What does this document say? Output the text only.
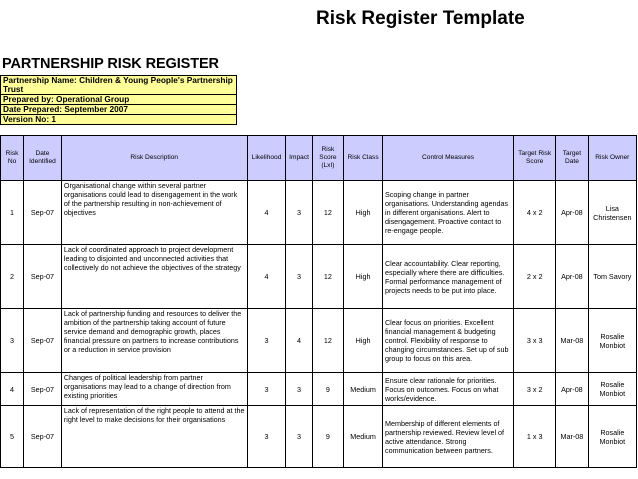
Risk Register Template
PARTNERSHIP RISK REGISTER
Partnership Name: Children & Young People's Partnership Trust
Prepared by: Operational Group
Date Prepared: September 2007
Version No: 1
Risk No	Date Identified	Risk Description	Likelihood	Impact	Risk Score (LxI)	Risk Class	Control Measures	Target Risk Score	Target Date	Risk Owner
1	Sep-07	Organisational change within several partner organisations could lead to disengagement in the work of the partnership resulting in non-achievement of objectives	4	3	12	High	Scoping change in partner organisations. Understanding agendas in different organisations. Alert to disengagement. Proactive contact to re-engage people.	4 x 2	Apr-08	Lisa Christensen
2	Sep-07	Lack of coordinated approach to project development leading to disjointed and unconnected activities that collectively do not achieve the objectives of the strategy	4	3	12	High	Clear accountability. Clear reporting, especially where there are difficulties. Formal performance management of projects needs to be put into place.	2 x 2	Apr-08	Tom Savory
3	Sep-07	Lack of partnership funding and resources to deliver the ambition of the partnership taking account of future service demand and demographic growth, places financial pressure on partners to increase contributions or a reduction in service provision	3	4	12	High	Clear focus on priorities. Excellent financial management & budgeting control. Flexibility of response to changing circumstances. Set up of sub group to focus on this area.	3 x 3	Mar-08	Rosalie Monbiot
4	Sep-07	Changes of political leadership from partner organisations may lead to a change of direction from existing priorities	3	3	9	Medium	Ensure clear rationale for priorities. Focus on outcomes. Focus on what works/evidence.	3 x 2	Apr-08	Rosalie Monbiot
5	Sep-07	Lack of representation of the right people to attend at the right level to make decisions for their organisations	3	3	9	Medium	Membership of different elements of partnership reviewed. Review level of active attendance. Strong communication between partners.	1 x 3	Mar-08	Rosalie Monbiot
